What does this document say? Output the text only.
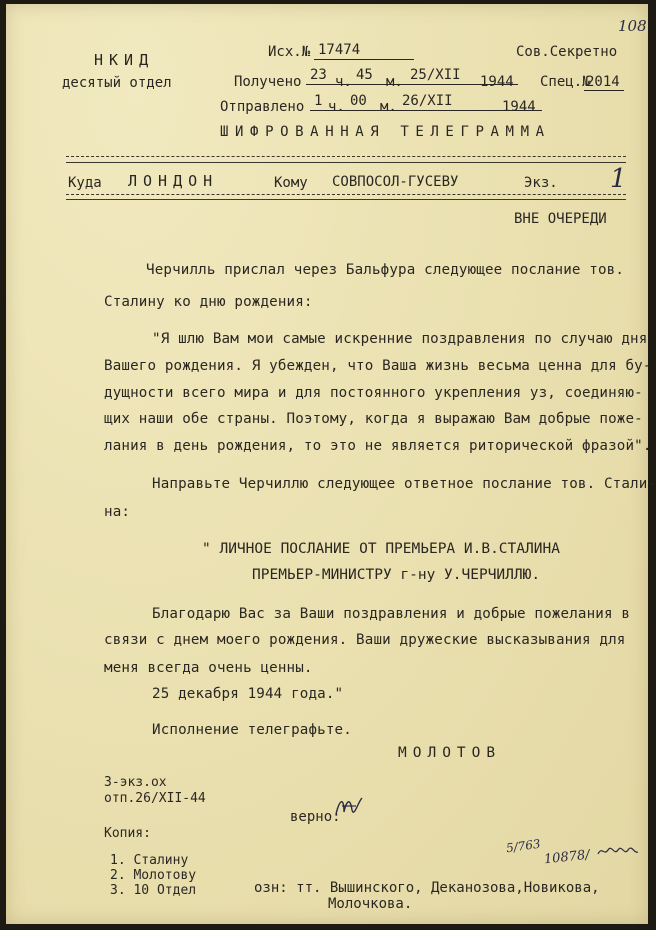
108
НКИД
десятый отдел
Исх.№ 17474	Сов.Секретно
Получено 23 ч. 45 м. 25/XII 1944 Спец.№
2014
Отправлено 1 ч. 00 м. 26/XII	1944
ШИФРОВАННАЯ ТЕЛЕГРАММА
Куда ЛОНДОН	Кому СОВПОСОЛ-ГУСЕВУ	Экз. 1
ВНЕ ОЧЕРЕДИ
Черчилль прислал через Бальфура следующее послание тов.
Сталину ко дню рождения:
"Я шлю Вам мои самые искренние поздравления по случаю дня
Вашего рождения. Я убежден, что Ваша жизнь весьма ценна для бу-
дущности всего мира и для постоянного укрепления уз, соединяю-
щих наши обе страны. Поэтому, когда я выражаю Вам добрые поже-
лания в день рождения, то это не является риторической фразой".
Направьте Черчиллю следующее ответное послание тов. Стали-
на:
" ЛИЧНОЕ ПОСЛАНИЕ ОТ ПРЕМЬЕРА И.В.СТАЛИНА
ПРЕМЬЕР-МИНИСТРУ г-ну У.ЧЕРЧИЛЛЮ.
Благодарю Вас за Ваши поздравления и добрые пожелания в
связи с днем моего рождения. Ваши дружеские высказывания для
меня всегда очень ценны.
25 декабря 1944 года."
Исполнение телеграфьте.
МОЛОТОВ
3-экз.ох
отп.26/XII-44
верно:
Копия:
1. Сталину
2. Молотову
3. 10 Отдел	озн: тт. Вышинского, Деканозова,Новикова,
Молочкова.
5/763
10878/
